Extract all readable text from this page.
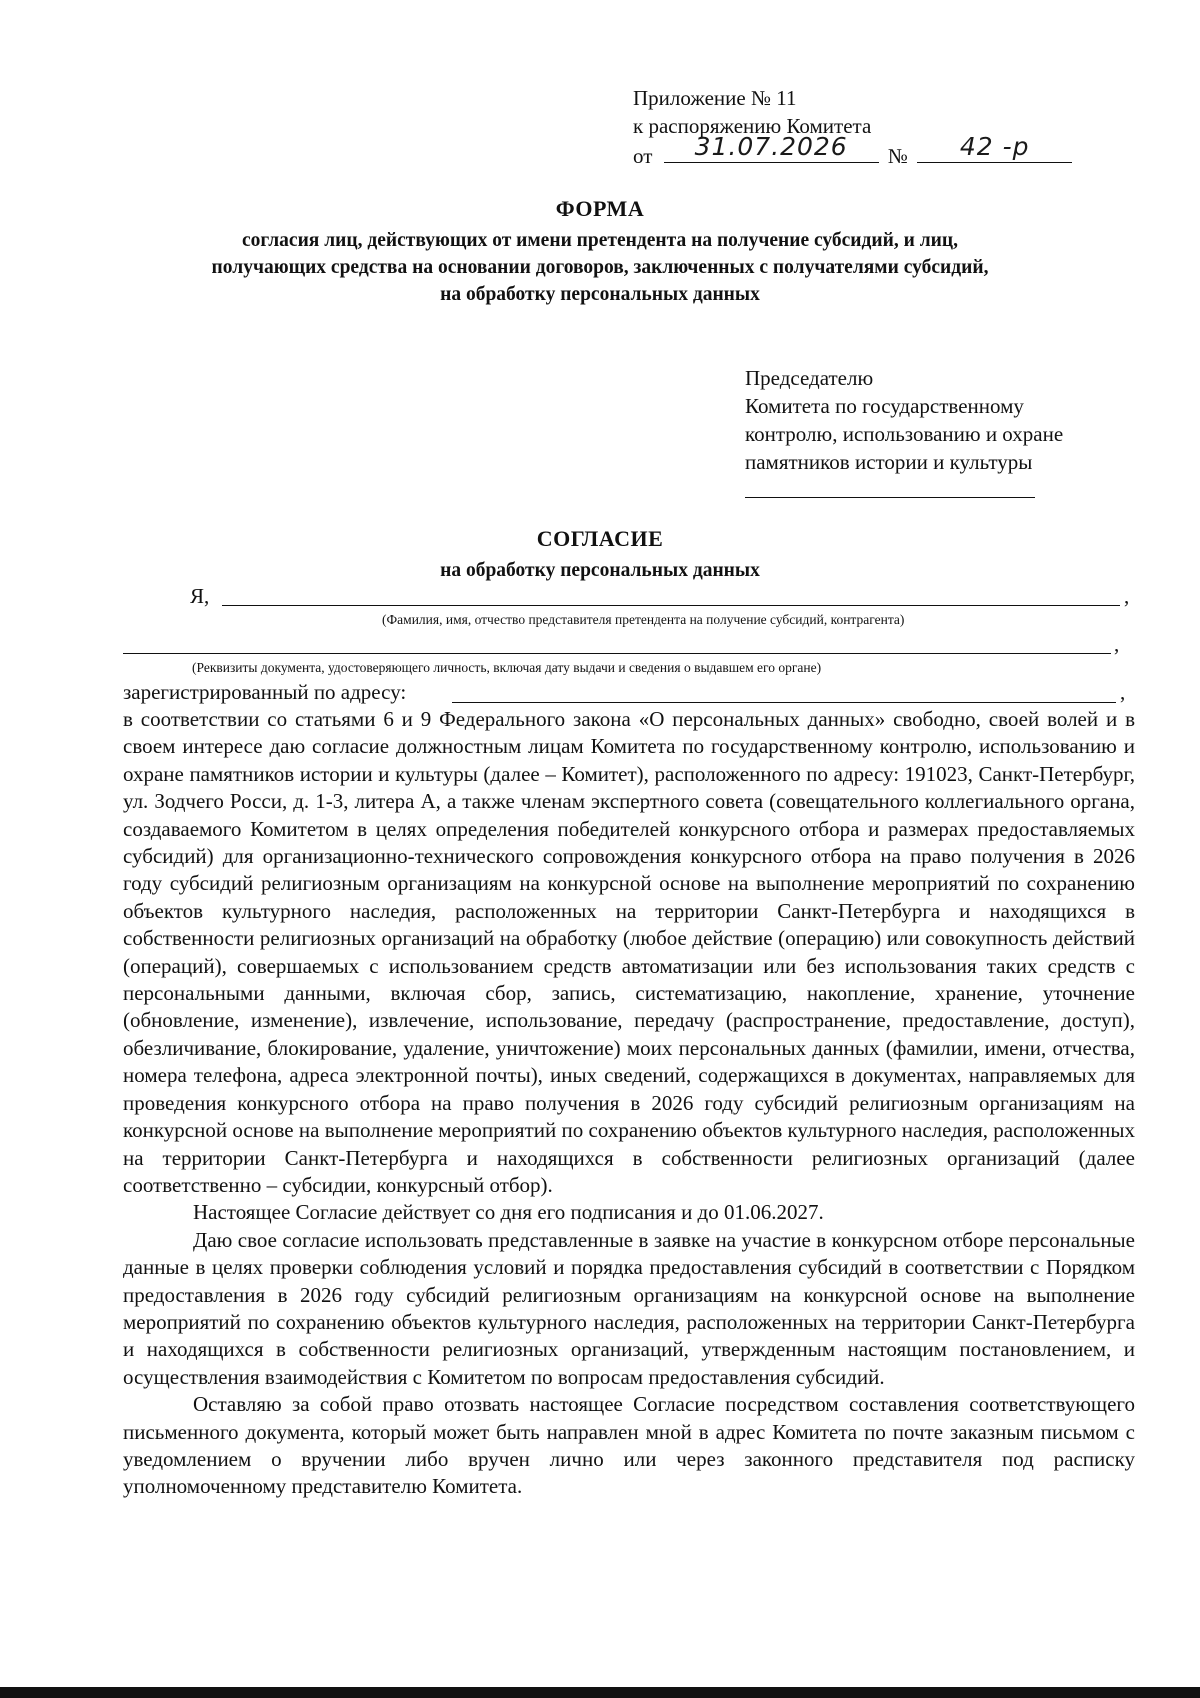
Приложение № 11
к распоряжению Комитета
от	31.07.2026	№	42 -р
ФОРМА
согласия лиц, действующих от имени претендента на получение субсидий, и лиц,
получающих средства на основании договоров, заключенных с получателями субсидий,
на обработку персональных данных
Председателю
Комитета по государственному
контролю, использованию и охране
памятников истории и культуры
СОГЛАСИЕ
на обработку персональных данных
Я,	,
(Фамилия, имя, отчество представителя претендента на получение субсидий, контрагента)
,
(Реквизиты документа, удостоверяющего личность, включая дату выдачи и сведения о выдавшем его органе)
зарегистрированный по адресу:	,

в соответствии со статьями 6 и 9 Федерального закона «О персональных данных» свободно, своей волей и в своем интересе даю согласие должностным лицам Комитета по государственному контролю, использованию и охране памятников истории и культуры (далее – Комитет), расположенного по адресу: 191023, Санкт-Петербург, ул. Зодчего Росси, д. 1-3, литера А, а также членам экспертного совета (совещательного коллегиального органа, создаваемого Комитетом в целях определения победителей конкурсного отбора и размерах предоставляемых субсидий) для организационно-технического сопровождения конкурсного отбора на право получения в 2026 году субсидий религиозным организациям на конкурсной основе на выполнение мероприятий по сохранению объектов культурного наследия, расположенных на территории Санкт-Петербурга и находящихся в собственности религиозных организаций на обработку (любое действие (операцию) или совокупность действий (операций), совершаемых с использованием средств автоматизации или без использования таких средств с персональными данными, включая сбор, запись, систематизацию, накопление, хранение, уточнение (обновление, изменение), извлечение, использование, передачу (распространение, предоставление, доступ), обезличивание, блокирование, удаление, уничтожение) моих персональных данных (фамилии, имени, отчества, номера телефона, адреса электронной почты), иных сведений, содержащихся в документах, направляемых для проведения конкурсного отбора на право получения в 2026 году субсидий религиозным организациям на конкурсной основе на выполнение мероприятий по сохранению объектов культурного наследия, расположенных на территории Санкт-Петербурга и находящихся в собственности религиозных организаций (далее соответственно – субсидии, конкурсный отбор).

Настоящее Согласие действует со дня его подписания и до 01.06.2027.

Даю свое согласие использовать представленные в заявке на участие в конкурсном отборе персональные данные в целях проверки соблюдения условий и порядка предоставления субсидий в соответствии с Порядком предоставления в 2026 году субсидий религиозным организациям на конкурсной основе на выполнение мероприятий по сохранению объектов культурного наследия, расположенных на территории Санкт-Петербурга и находящихся в собственности религиозных организаций, утвержденным настоящим постановлением, и осуществления взаимодействия с Комитетом по вопросам предоставления субсидий.

Оставляю за собой право отозвать настоящее Согласие посредством составления соответствующего письменного документа, который может быть направлен мной в адрес Комитета по почте заказным письмом с уведомлением о вручении либо вручен лично или через законного представителя под расписку уполномоченному представителю Комитета.
